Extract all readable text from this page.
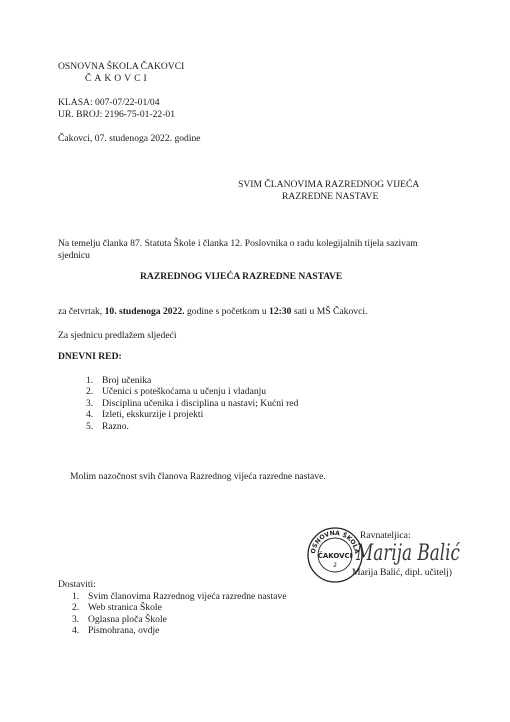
OSNOVNA ŠKOLA ČAKOVCI
ČAKOVCI
KLASA: 007-07/22-01/04
UR. BROJ: 2196-75-01-22-01
Čakovci, 07. studenoga 2022. godine
SVIM ČLANOVIMA RAZREDNOG VIJEĆA
RAZREDNE NASTAVE
Na temelju članka 87. Statuta Škole i članka 12. Poslovnika o radu kolegijalnih tijela sazivam
sjednicu
RAZREDNOG VIJEĆA RAZREDNE NASTAVE
za četvrtak, 10. studenoga 2022. godine s početkom u 12:30 sati u MŠ Čakovci.
Za sjednicu predlažem sljedeći
DNEVNI RED:
1. Broj učenika
2. Učenici s poteškoćama u učenju i vladanju
3. Disciplina učenika i disciplina u nastavi; Kućni red
4. Izleti, ekskurzije i projekti
5. Razno.
Molim nazočnost svih članova Razrednog vijeća razredne nastave.
Ravnateljica:
Marija Balić
Marija Balić, dipl. učitelj)
OSNOVNA ŠKOLA
ČAKOVCI
2
Dostaviti:
1. Svim članovima Razrednog vijeća razredne nastave
2. Web stranica Škole
3. Oglasna ploča Škole
4. Pismohrana, ovdje
